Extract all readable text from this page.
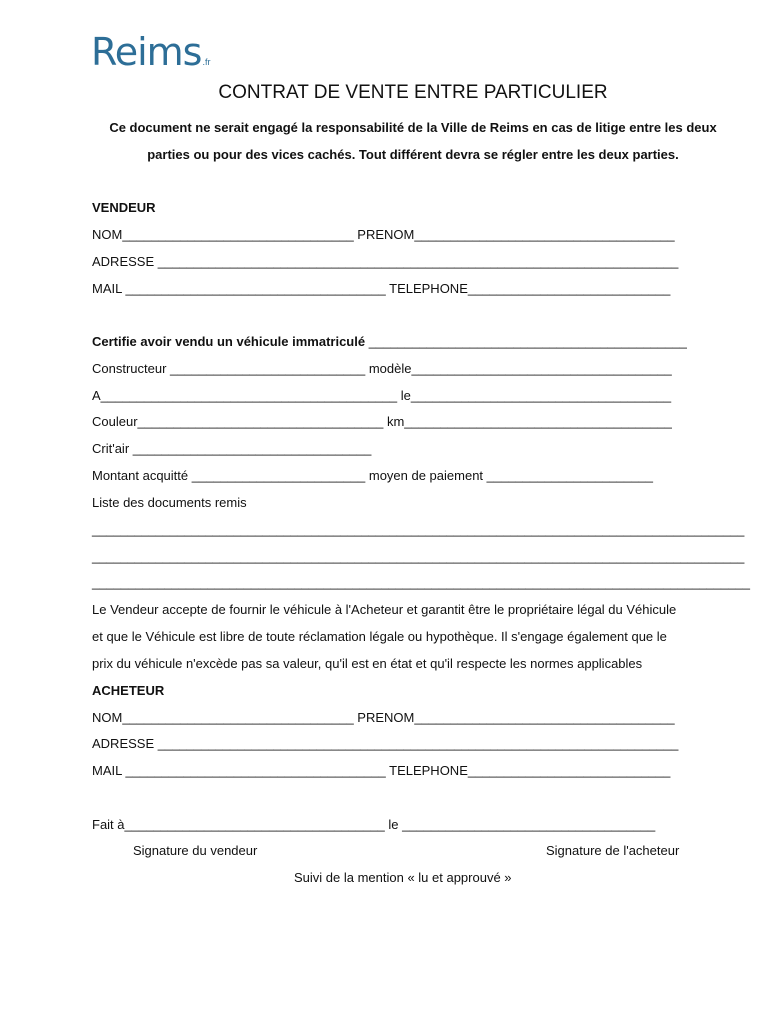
Reims.fr
CONTRAT DE VENTE ENTRE PARTICULIER
Ce document ne serait engagé la responsabilité de la Ville de Reims en cas de litige entre les deux
parties ou pour des vices cachés. Tout différent devra se régler entre les deux parties.
VENDEUR
NOM________________________________ PRENOM____________________________________
ADRESSE ________________________________________________________________________
MAIL ____________________________________ TELEPHONE____________________________
Certifie avoir vendu un véhicule immatriculé ____________________________________________
Constructeur ___________________________ modèle____________________________________
A_________________________________________ le____________________________________
Couleur__________________________________ km_____________________________________
Crit'air _________________________________
Montant acquitté ________________________ moyen de paiement _______________________
Liste des documents remis
____________________________________________________________________________________________
____________________________________________________________________________________________
___________________________________________________________________________________________
Le Vendeur accepte de fournir le véhicule à l'Acheteur et garantit être le propriétaire légal du Véhicule
et que le Véhicule est libre de toute réclamation légale ou hypothèque. Il s'engage également que le
prix du véhicule n'excède pas sa valeur, qu'il est en état et qu'il respecte les normes applicables
ACHETEUR
NOM________________________________ PRENOM____________________________________
ADRESSE ________________________________________________________________________
MAIL ____________________________________ TELEPHONE____________________________
Fait à____________________________________ le ___________________________________
Signature du vendeur	Signature de l'acheteur
Suivi de la mention « lu et approuvé »
